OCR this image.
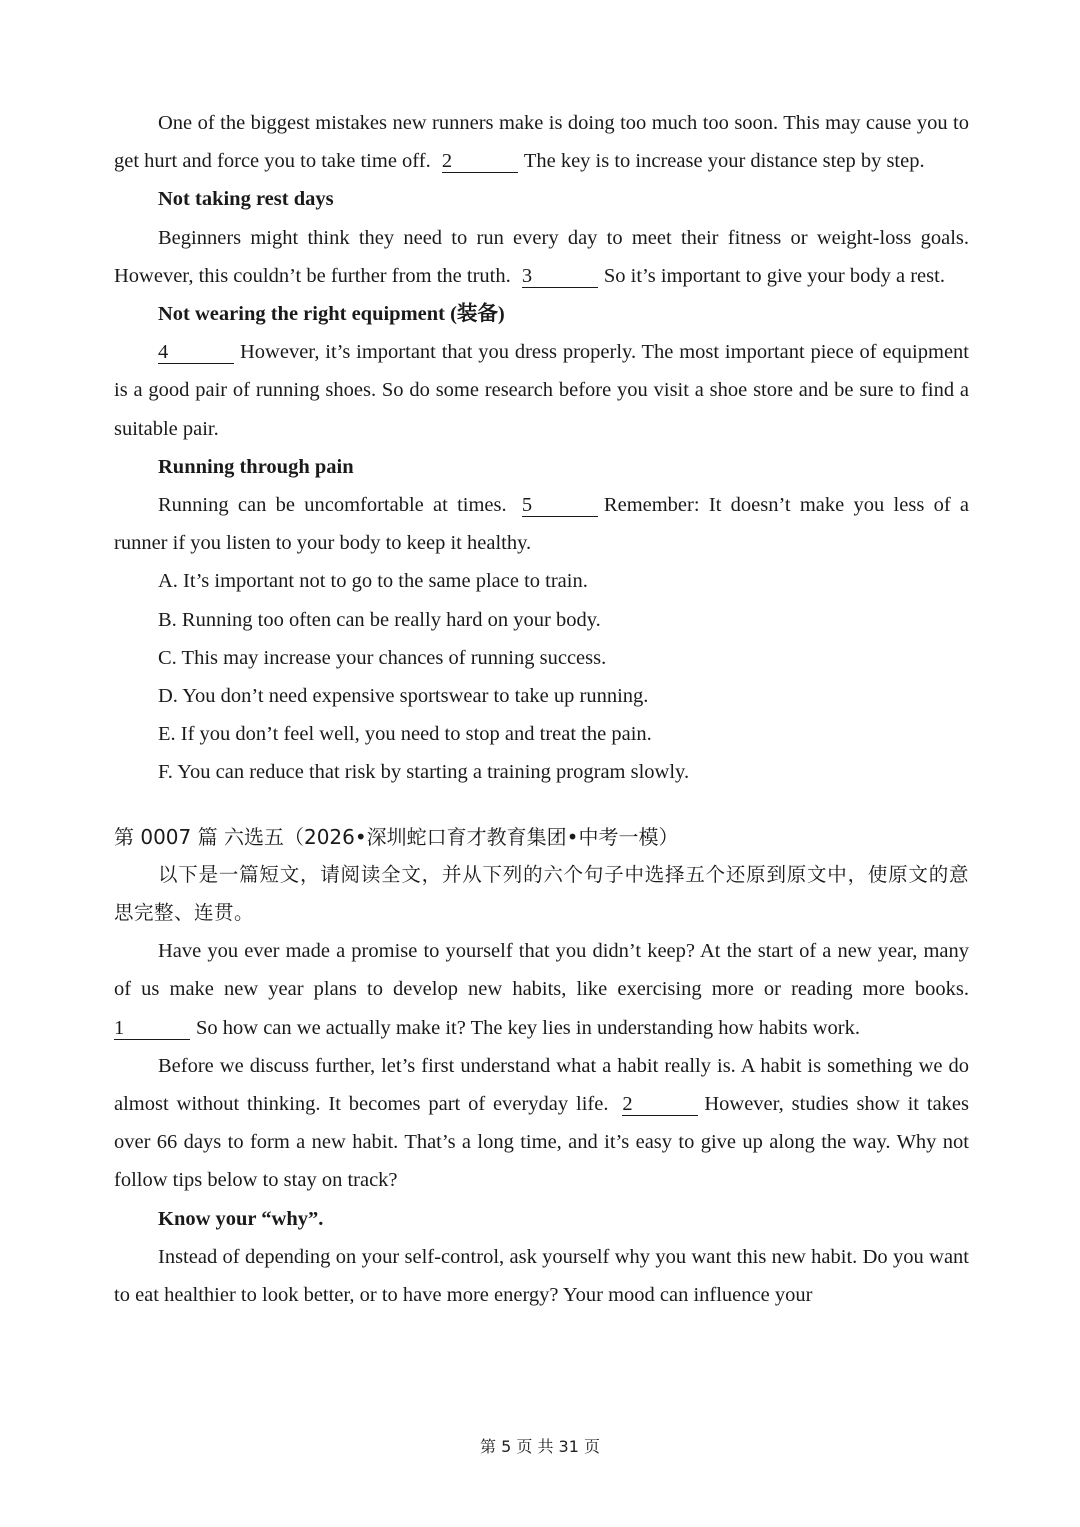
One of the biggest mistakes new runners make is doing too much too soon. This may cause you to get hurt and force you to take time off. 2	The key is to increase your distance step by step.

Not taking rest days

Beginners might think they need to run every day to meet their fitness or weight-loss goals. However, this couldn’t be further from the truth. 3	So it’s important to give your body a rest.

Not wearing the right equipment (装备)

4	However, it’s important that you dress properly. The most important piece of equipment is a good pair of running shoes. So do some research before you visit a shoe store and be sure to find a suitable pair.

Running through pain

Running can be uncomfortable at times. 5	Remember: It doesn’t make you less of a runner if you listen to your body to keep it healthy.

A. It’s important not to go to the same place to train.

B. Running too often can be really hard on your body.

C. This may increase your chances of running success.

D. You don’t need expensive sportswear to take up running.

E. If you don’t feel well, you need to stop and treat the pain.

F. You can reduce that risk by starting a training program slowly.

第 0007 篇 六选五（2026•深圳蛇口育才教育集团•中考一模）

以下是一篇短文，请阅读全文，并从下列的六个句子中选择五个还原到原文中，使原文的意思完整、连贯。

Have you ever made a promise to yourself that you didn’t keep? At the start of a new year, many of us make new year plans to develop new habits, like exercising more or reading more books. 1	So how can we actually make it? The key lies in understanding how habits work.

Before we discuss further, let’s first understand what a habit really is. A habit is something we do almost without thinking. It becomes part of everyday life. 2	However, studies show it takes over 66 days to form a new habit. That’s a long time, and it’s easy to give up along the way. Why not follow tips below to stay on track?

Know your “why”.

Instead of depending on your self-control, ask yourself why you want this new habit. Do you want to eat healthier to look better, or to have more energy? Your mood can influence your

第 5 页 共 31 页
